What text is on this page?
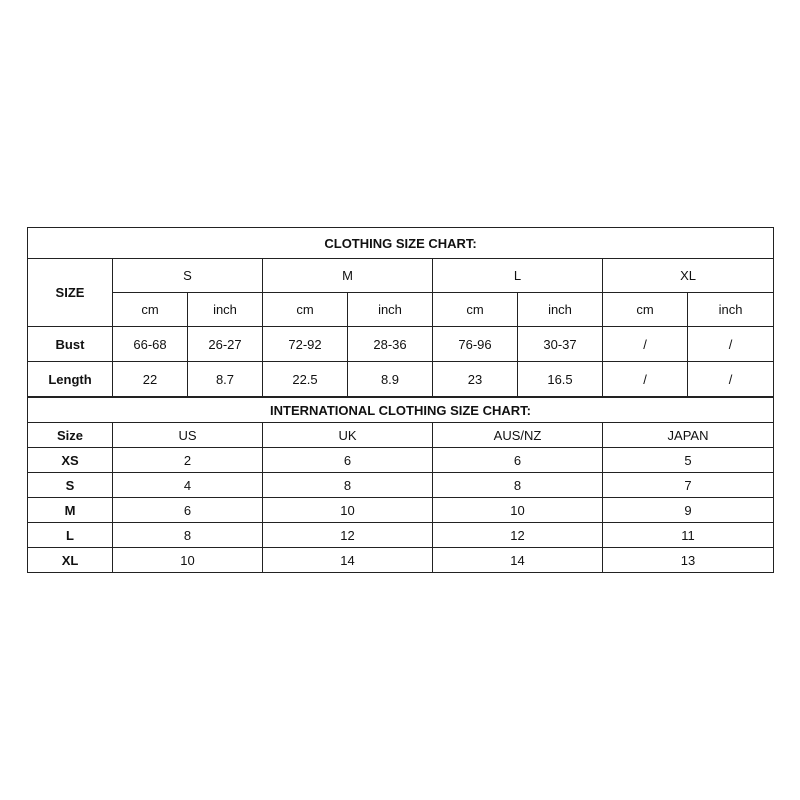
CLOTHING SIZE CHART:								
SIZE	S		M		L		XL	
	cm	inch	cm	inch	cm	inch	cm	inch
Bust	66-68	26-27	72-92	28-36	76-96	30-37	/	/
Length	22	8.7	22.5	8.9	23	16.5	/	/
INTERNATIONAL CLOTHING SIZE CHART:				
Size	US	UK	AUS/NZ	JAPAN
XS	2	6	6	5
S	4	8	8	7
M	6	10	10	9
L	8	12	12	11
XL	10	14	14	13
